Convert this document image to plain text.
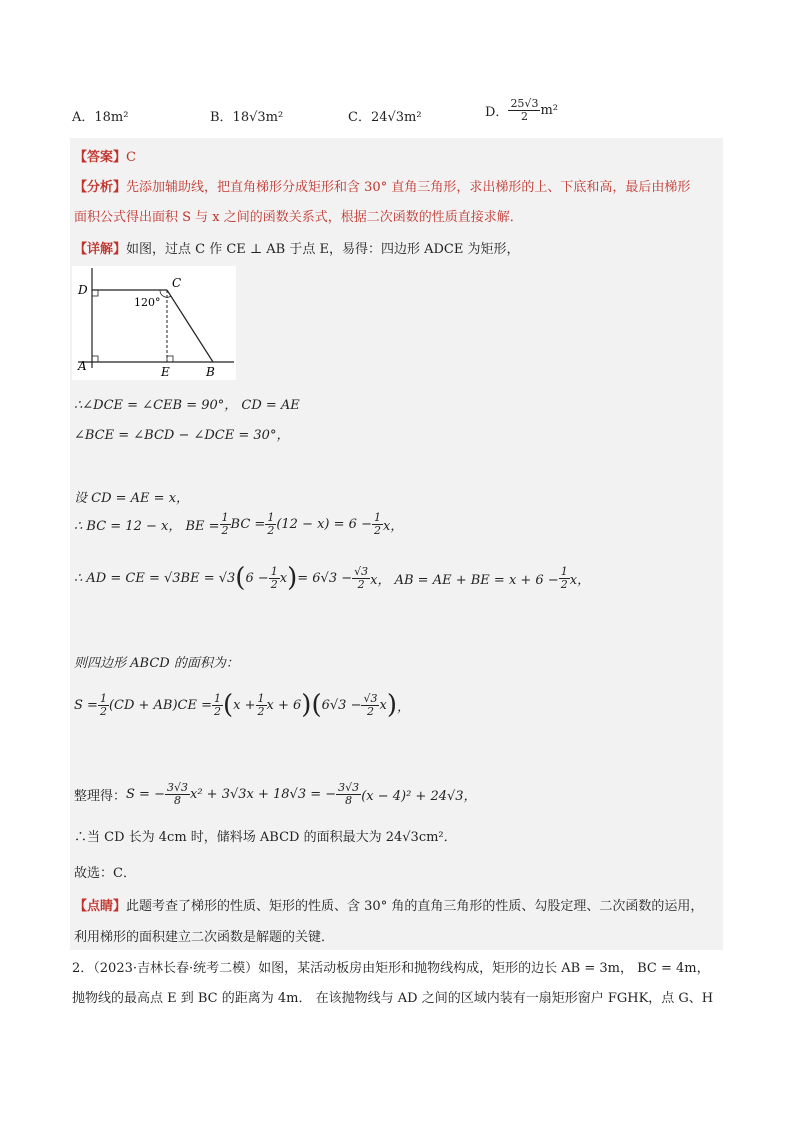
A．18m²	B．18√3m²	C．24√3m²	D． $\frac{25√3}{2} m^2$
【答案】C
【分析】先添加辅助线，把直角梯形分成矩形和含 30° 直角三角形，求出梯形的上、下底和高，最后由梯形
面积公式得出面积 S 与 x 之间的函数关系式，根据二次函数的性质直接求解．
【详解】如图，过点 C 作 CE ⊥ AB 于点 E，易得：四边形 ADCE 为矩形，
D	C
A	E	B
120°
∴∠DCE = ∠CEB = 90°， CD = AE
∠BCE = ∠BCD − ∠DCE = 30°，
设 CD = AE = x，
∴ BC = 12 − x， BE = $\frac{1}{2}$ BC = $\frac{1}{2} (12 - x) = 6 - \frac{1}{2}$ x，
∴ AD = CE = √3BE = √3 ( $6 - \frac{1}{2}$ x ) = $6√3 - \frac{√3}{2}$ x， AB = AE + BE = $x + 6 - \frac{1}{2}$ x，
则四边形 ABCD 的面积为：
$S = \frac{1}{2} (CD + AB)CE = \frac{1}{2}$ ( $x + \frac{1}{2}$ x + 6 ) ( $6√3 - \frac{√3}{2}$ x ) ，
整理得： S = − $\frac{3√3}{8} x^2 + 3√3x + 18√3$ = − $\frac{3√3}{8} (x - 4)^2 + 24√3$，
∴当 CD 长为 4cm 时，储料场 ABCD 的面积最大为 24√3cm²．
故选：C．
【点睛】此题考查了梯形的性质、矩形的性质、含 30° 角的直角三角形的性质、勾股定理、二次函数的运用，
利用梯形的面积建立二次函数是解题的关键．
2．（2023·吉林长春·统考二模）如图，某活动板房由矩形和抛物线构成，矩形的边长 AB = 3m， BC = 4m，
抛物线的最高点 E 到 BC 的距离为 4m． 在该抛物线与 AD 之间的区域内装有一扇矩形窗户 FGHK，点 G、H
